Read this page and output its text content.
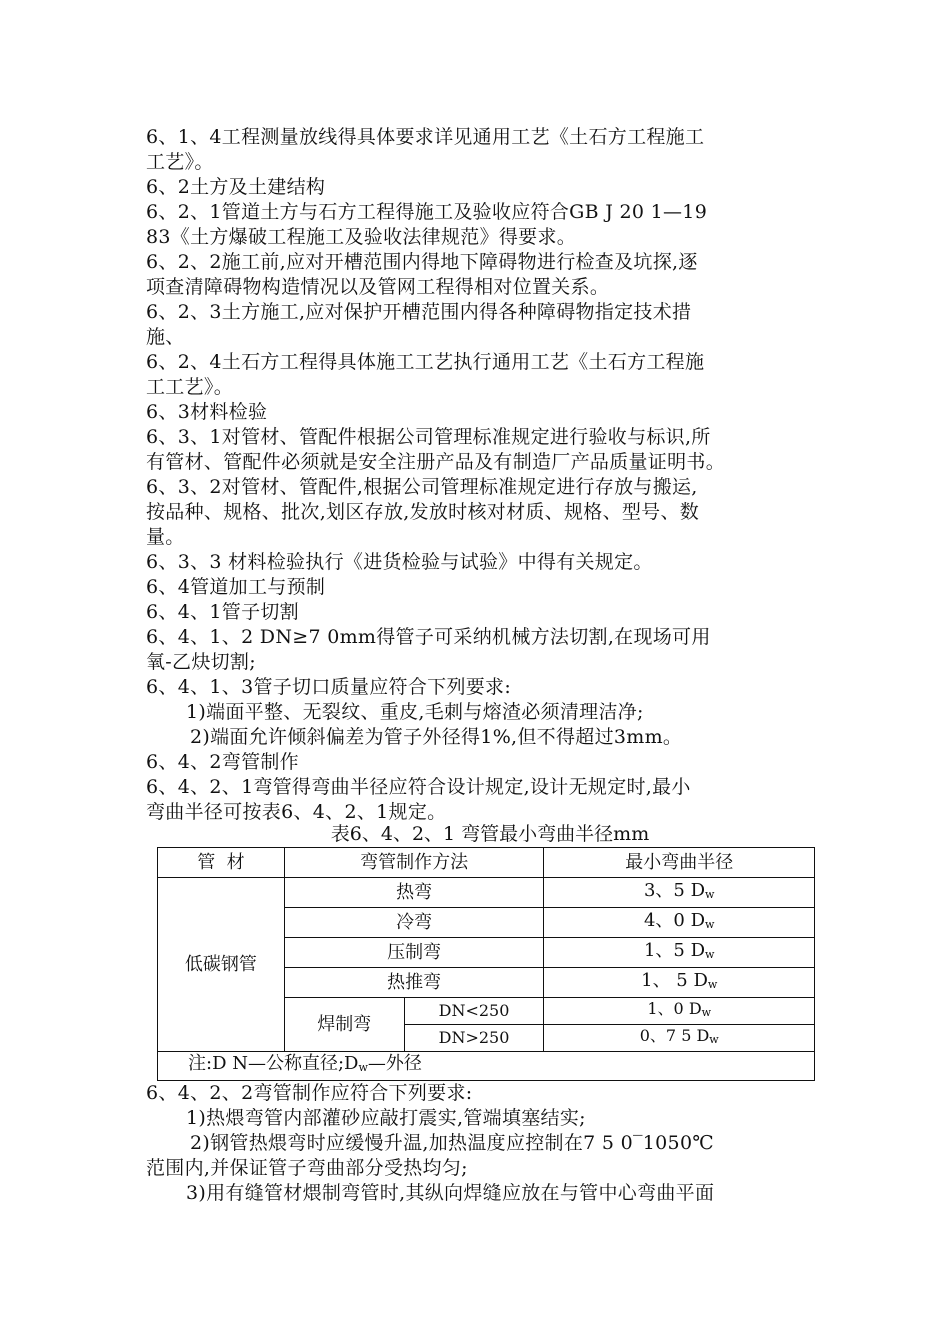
6、1、4工程测量放线得具体要求详见通用工艺《土石方工程施工
工艺》。
6、2土方及土建结构
6、2、1管道土方与石方工程得施工及验收应符合GB J 20 1—19
83《土方爆破工程施工及验收法律规范》得要求。
6、2、2施工前,应对开槽范围内得地下障碍物进行检查及坑探,逐
项查清障碍物构造情况以及管网工程得相对位置关系。
6、2、3土方施工,应对保护开槽范围内得各种障碍物指定技术措
施、
6、2、4土石方工程得具体施工工艺执行通用工艺《土石方工程施
工工艺》。
6、3材料检验
6、3、1对管材、管配件根据公司管理标准规定进行验收与标识,所
有管材、管配件必须就是安全注册产品及有制造厂产品质量证明书。
6、3、2对管材、管配件,根据公司管理标准规定进行存放与搬运,
按品种、规格、批次,划区存放,发放时核对材质、规格、型号、数
量。
6、3、3 材料检验执行《进货检验与试验》中得有关规定。
6、4管道加工与预制
6、4、1管子切割
6、4、1、2 DN≥7 0mm得管子可采纳机械方法切割,在现场可用
氧-乙炔切割;
6、4、1、3管子切口质量应符合下列要求:
1)端面平整、无裂纹、重皮,毛刺与熔渣必须清理洁净;
2)端面允许倾斜偏差为管子外径得1%,但不得超过3mm。
6、4、2弯管制作
6、4、2、1弯管得弯曲半径应符合设计规定,设计无规定时,最小
弯曲半径可按表6、4、2、1规定。
表6、4、2、1 弯管最小弯曲半径mm
管  材	弯管制作方法		最小弯曲半径
低碳钢管	热弯		3、5 $D_w$
	冷弯		4、0 $D_w$
	压制弯		1、5 $D_w$
	热推弯		1、 5 $D_w$
	焊制弯	DN<250	1、0 $D_w$
		DN>250	0、7 5 $D_w$
注:D N—公称直径$;D_w—$外径			
6、4、2、2弯管制作应符合下列要求:
1)热煨弯管内部灌砂应敲打震实,管端填塞结实;
2)钢管热煨弯时应缓慢升温,加热温度应控制在7 5 0‾1050℃
范围内,并保证管子弯曲部分受热均匀;
3)用有缝管材煨制弯管时,其纵向焊缝应放在与管中心弯曲平面
